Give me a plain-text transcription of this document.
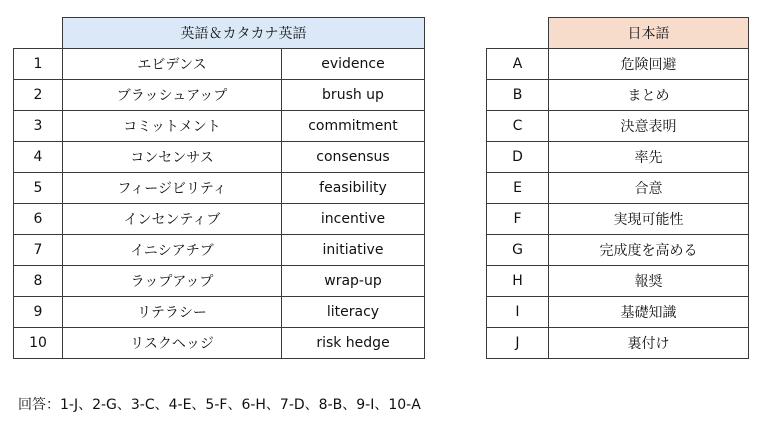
	英語＆カタカナ英語	
1	エビデンス	evidence
2	ブラッシュアップ	brush up
3	コミットメント	commitment
4	コンセンサス	consensus
5	フィージビリティ	feasibility
6	インセンティブ	incentive
7	イニシアチブ	initiative
8	ラップアップ	wrap-up
9	リテラシー	literacy
10	リスクヘッジ	risk hedge
	日本語
A	危険回避
B	まとめ
C	決意表明
D	率先
E	合意
F	実現可能性
G	完成度を高める
H	報奨
I	基礎知識
J	裏付け
回答：1-J、2-G、3-C、4-E、5-F、6-H、7-D、8-B、9-I、10-A
